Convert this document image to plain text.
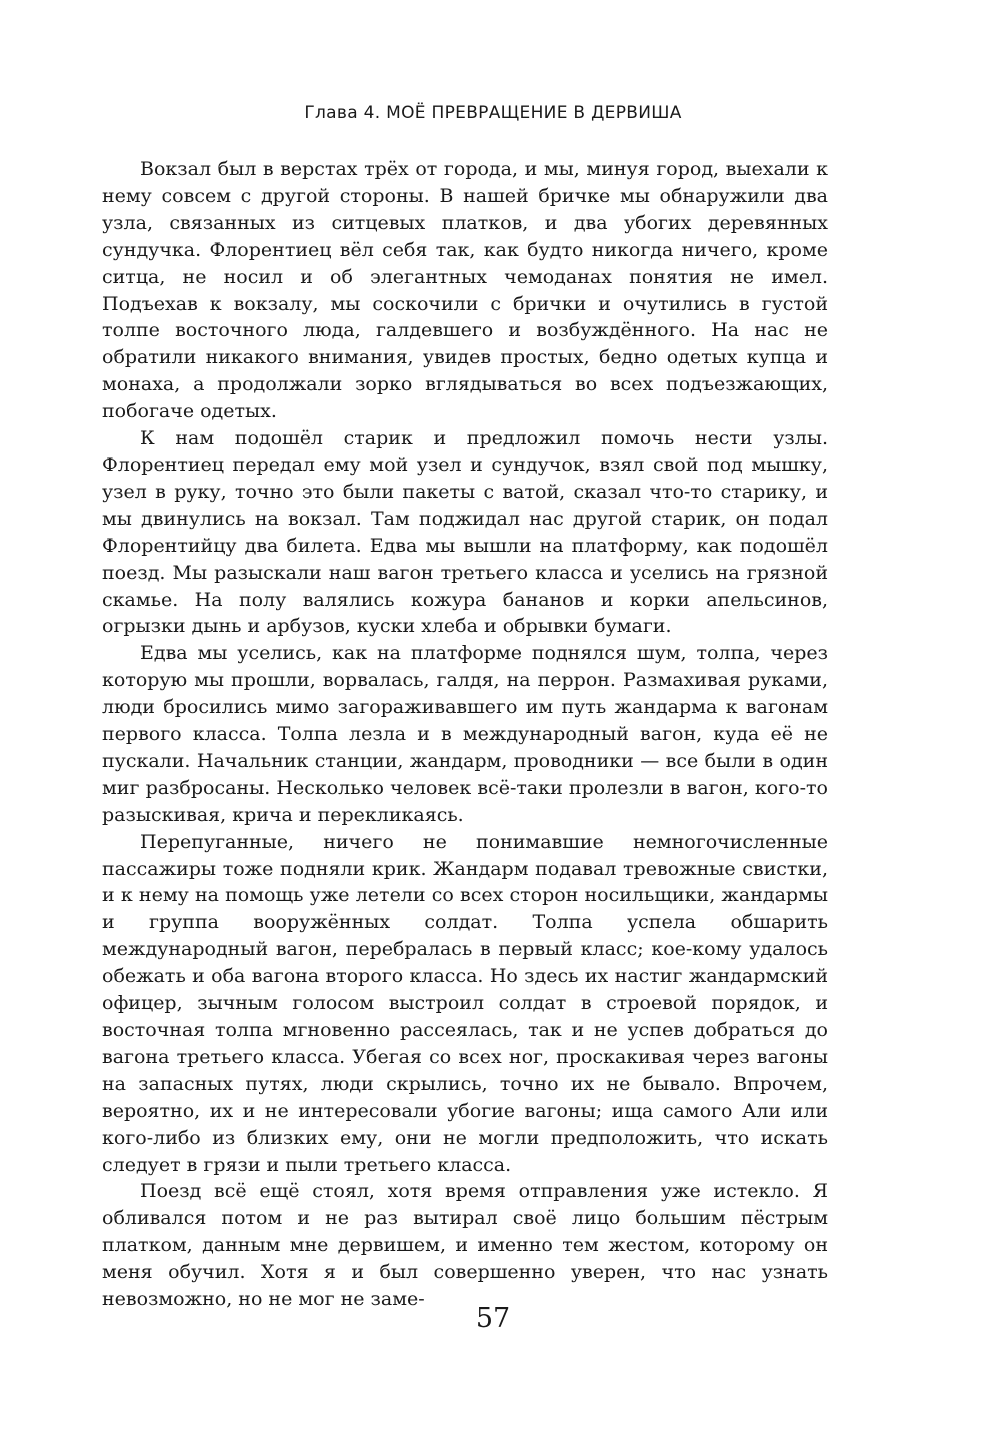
Глава 4. МОЁ ПРЕВРАЩЕНИЕ В ДЕРВИША

Вокзал был в верстах трёх от города, и мы, минуя город, выехали к нему совсем с другой стороны. В нашей бричке мы обнаружили два узла, связанных из ситцевых платков, и два убогих деревянных сундучка. Флорентиец вёл себя так, как будто никогда ничего, кроме ситца, не носил и об элегантных чемоданах понятия не имел. Подъехав к вокзалу, мы соскочили с брички и очутились в густой толпе восточного люда, галдевшего и возбуждённого. На нас не обратили никакого внимания, увидев простых, бедно одетых купца и монаха, а продолжали зорко вглядываться во всех подъезжающих, побогаче одетых.

К нам подошёл старик и предложил помочь нести узлы. Флорентиец передал ему мой узел и сундучок, взял свой под мышку, узел в руку, точно это были пакеты с ватой, сказал что-то старику, и мы двинулись на вокзал. Там поджидал нас другой старик, он подал Флорентийцу два билета. Едва мы вышли на платформу, как подошёл поезд. Мы разыскали наш вагон третьего класса и уселись на грязной скамье. На полу валялись кожура бананов и корки апельсинов, огрызки дынь и арбузов, куски хлеба и обрывки бумаги.

Едва мы уселись, как на платформе поднялся шум, толпа, через которую мы прошли, ворвалась, галдя, на перрон. Размахивая руками, люди бросились мимо загораживавшего им путь жандарма к вагонам первого класса. Толпа лезла и в международный вагон, куда её не пускали. Начальник станции, жандарм, проводники — все были в один миг разбросаны. Несколько человек всё-таки пролезли в вагон, кого-то разыскивая, крича и перекликаясь.

Перепуганные, ничего не понимавшие немногочисленные пассажиры тоже подняли крик. Жандарм подавал тревожные свистки, и к нему на помощь уже летели со всех сторон носильщики, жандармы и группа вооружённых солдат. Толпа успела обшарить международный вагон, перебралась в первый класс; кое-кому удалось обежать и оба вагона второго класса. Но здесь их настиг жандармский офицер, зычным голосом выстроил солдат в строевой порядок, и восточная толпа мгновенно рассеялась, так и не успев добраться до вагона третьего класса. Убегая со всех ног, проскакивая через вагоны на запасных путях, люди скрылись, точно их не бывало. Впрочем, вероятно, их и не интересовали убогие вагоны; ища самого Али или кого-либо из близких ему, они не могли предположить, что искать следует в грязи и пыли третьего класса.

Поезд всё ещё стоял, хотя время отправления уже истекло. Я обливался потом и не раз вытирал своё лицо большим пёстрым платком, данным мне дервишем, и именно тем жестом, которому он меня обучил. Хотя я и был совершенно уверен, что нас узнать невозможно, но не мог не заме-

57
